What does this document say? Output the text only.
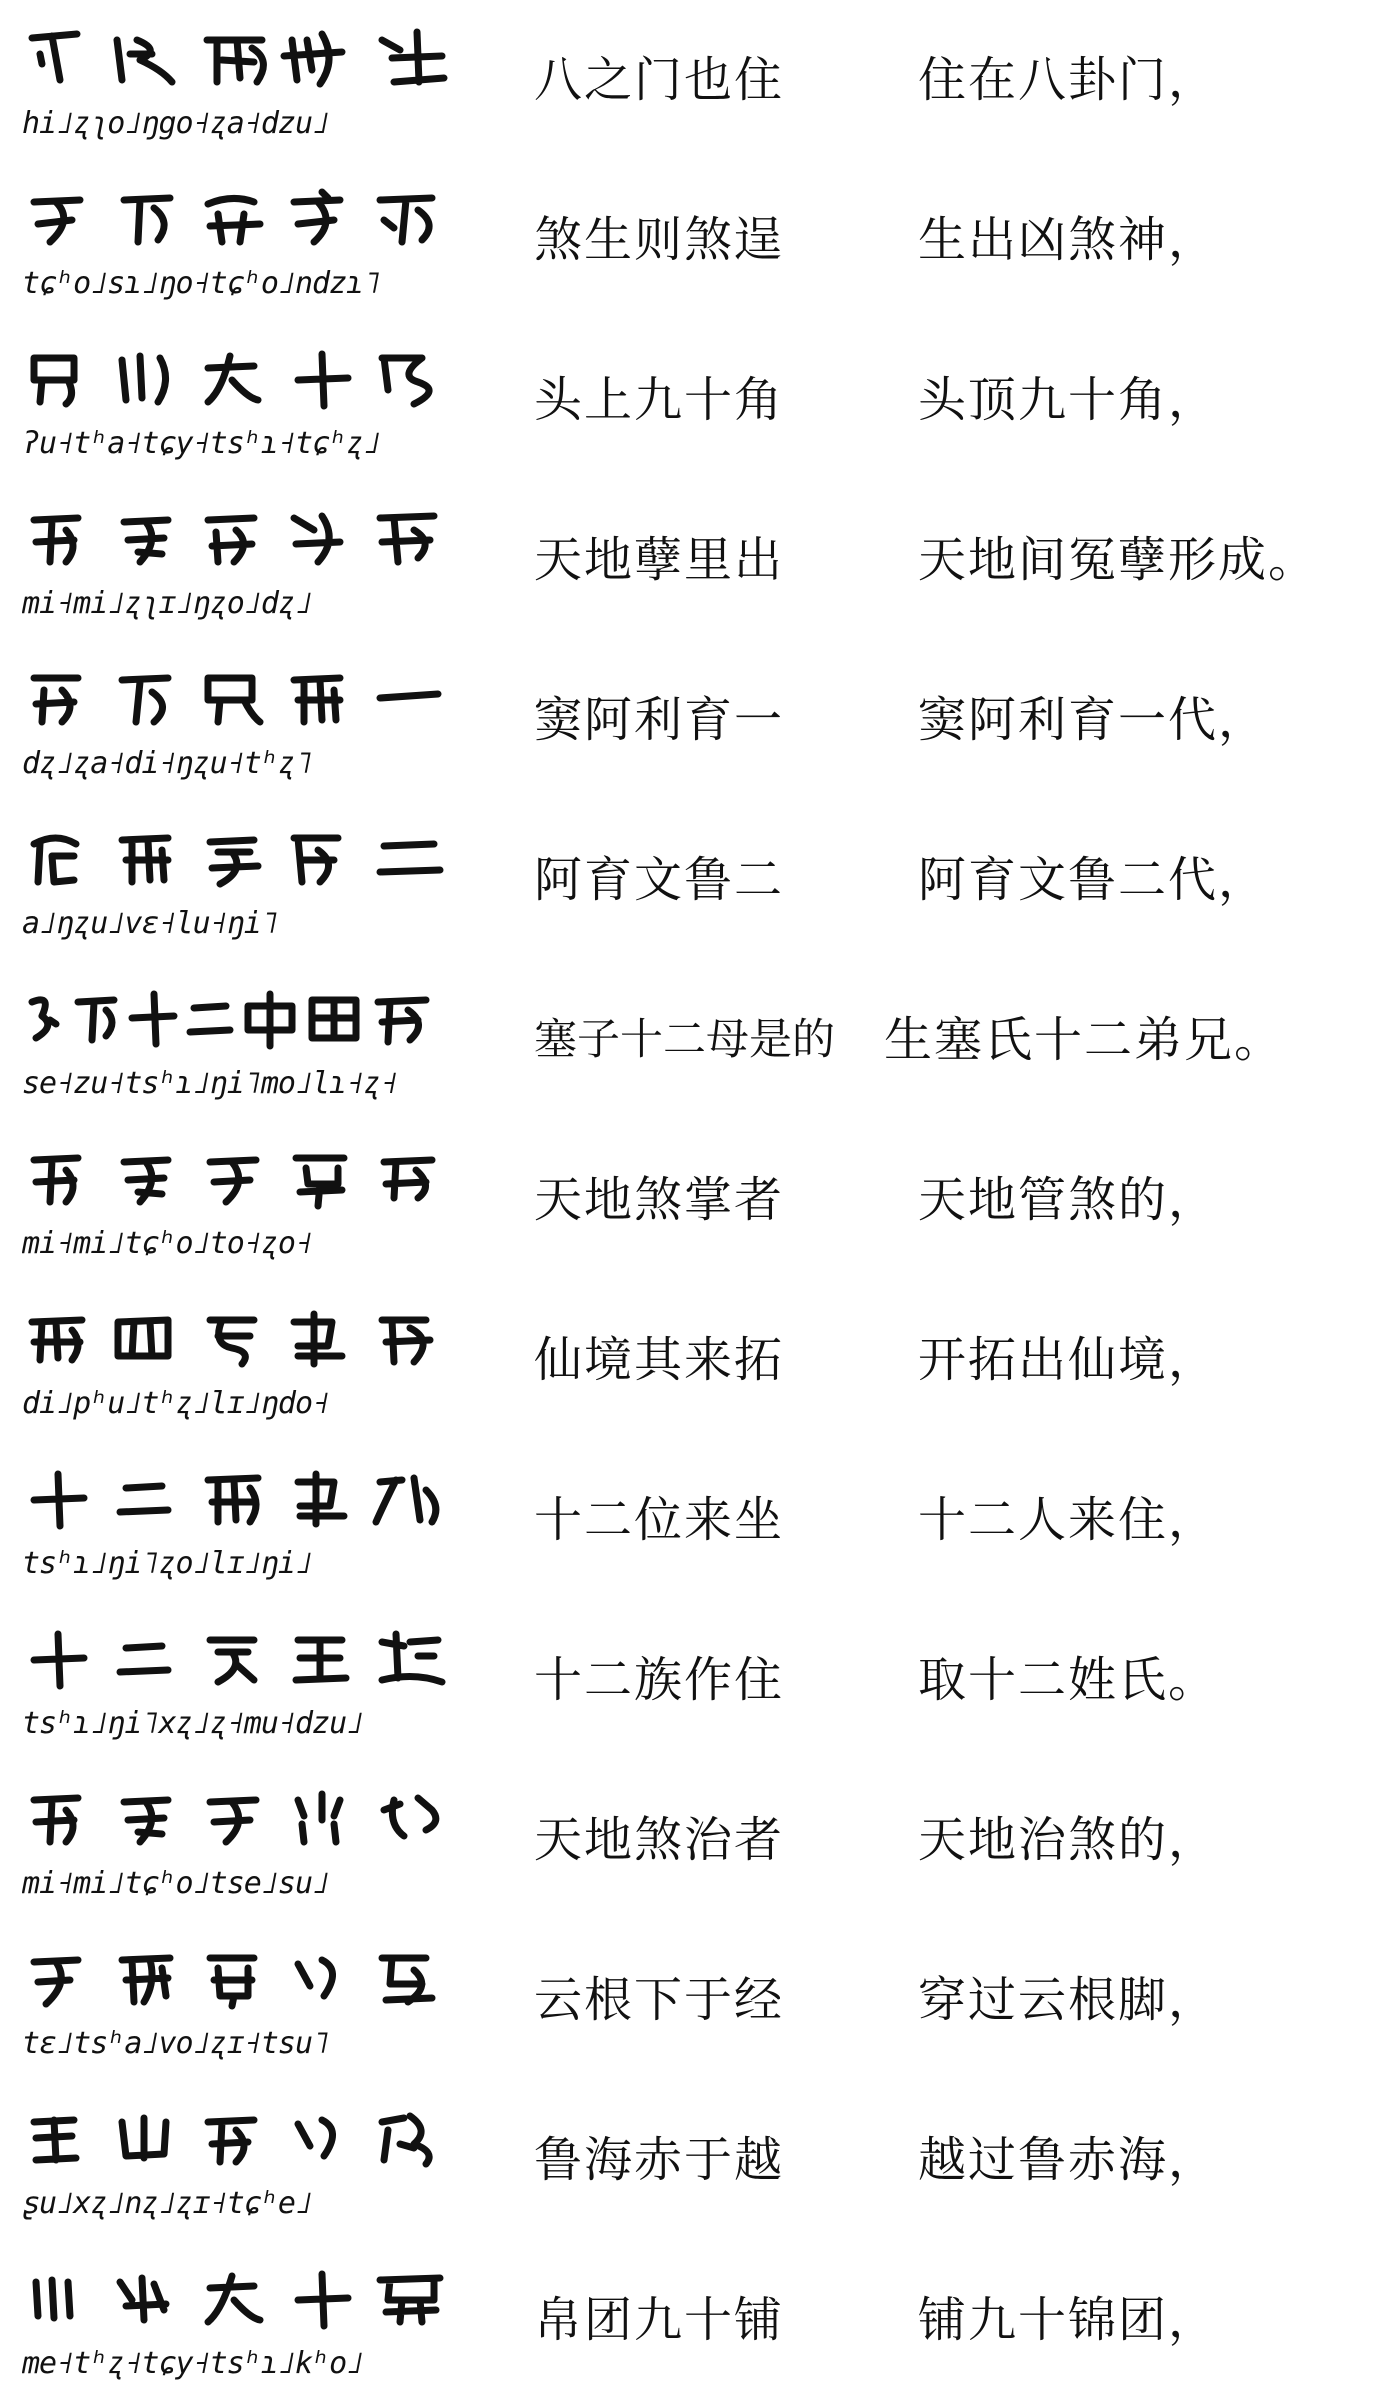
hi˩ʐʅo˩ŋgo˧ʐa˧dzu˩
八之门也住	住在八卦门，
tɕʰo˩sɿ˩ŋo˧tɕʰo˩ndzɿ˥
煞生则煞逞	生出凶煞神，
ʔu˧tʰa˧tɕy˧tsʰɿ˧tɕʰʐ˩
头上九十角	头顶九十角，
mi˧mi˩ʐʅɪ˩ŋʐo˩dʐ˩
天地孽里出	天地间冤孽形成。
dʐ˩ʐa˧di˧ŋʐu˧tʰʐ˥
窦阿利育一	窦阿利育一代，
a˩ŋʐu˩vɛ˧lu˧ŋi˥
阿育文鲁二	阿育文鲁二代，
se˧zu˧tsʰɿ˩ŋi˥mo˩lɿ˧ʐ˧
塞子十二母是的	生塞氏十二弟兄。
mi˧mi˩tɕʰo˩to˧ʐo˧
天地煞掌者	天地管煞的，
di˩pʰu˩tʰʐ˩lɪ˩ŋdo˧
仙境其来拓	开拓出仙境，
tsʰɿ˩ŋi˥ʐo˩lɪ˩ŋi˩
十二位来坐	十二人来住，
tsʰɿ˩ŋi˥xʐ˩ʐ˧mu˧dzu˩
十二族作住	取十二姓氏。
mi˧mi˩tɕʰo˩tse˩su˩
天地煞治者	天地治煞的，
tɛ˩tsʰa˩vo˩ʐɪ˧tsu˥
云根下于经	穿过云根脚，
ʂu˩xʐ˩nʐ˩ʐɪ˧tɕʰe˩
鲁海赤于越	越过鲁赤海，
me˧tʰʐ˧tɕy˧tsʰɿ˩kʰo˩
帛团九十铺	铺九十锦团，
